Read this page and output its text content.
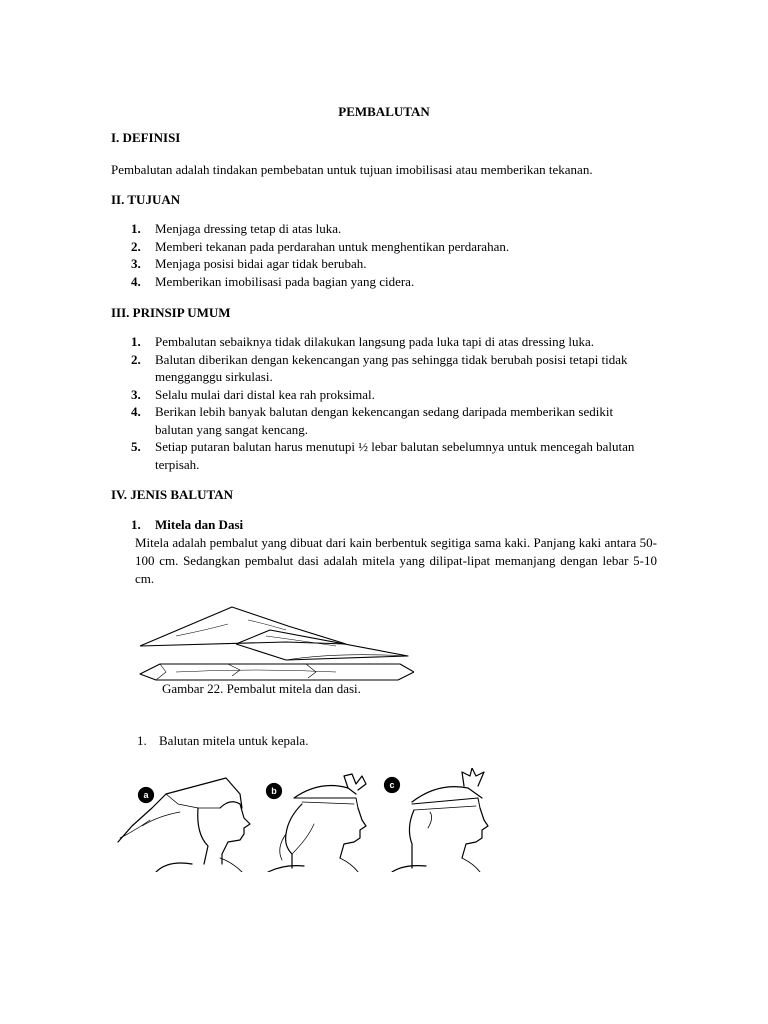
PEMBALUTAN
I. DEFINISI
Pembalutan adalah tindakan pembebatan untuk tujuan imobilisasi atau memberikan tekanan.
II. TUJUAN
1. Menjaga dressing tetap di atas luka.
2. Memberi tekanan pada perdarahan untuk menghentikan perdarahan.
3. Menjaga posisi bidai agar tidak berubah.
4. Memberikan imobilisasi pada bagian yang cidera.
III. PRINSIP UMUM
1. Pembalutan sebaiknya tidak dilakukan langsung pada luka tapi di atas dressing luka.
2. Balutan diberikan dengan kekencangan yang pas sehingga tidak berubah posisi tetapi tidak mengganggu sirkulasi.
3. Selalu mulai dari distal kea rah proksimal.
4. Berikan lebih banyak balutan dengan kekencangan sedang daripada memberikan sedikit balutan yang sangat kencang.
5. Setiap putaran balutan harus menutupi ½ lebar balutan sebelumnya untuk mencegah balutan terpisah.
IV. JENIS BALUTAN
1. Mitela dan Dasi
Mitela adalah pembalut yang dibuat dari kain berbentuk segitiga sama kaki. Panjang kaki antara 50-100 cm. Sedangkan pembalut dasi adalah mitela yang dilipat-lipat memanjang dengan lebar 5-10 cm.
Gambar 22. Pembalut mitela dan dasi.
1. Balutan mitela untuk kepala.
a	b
c
